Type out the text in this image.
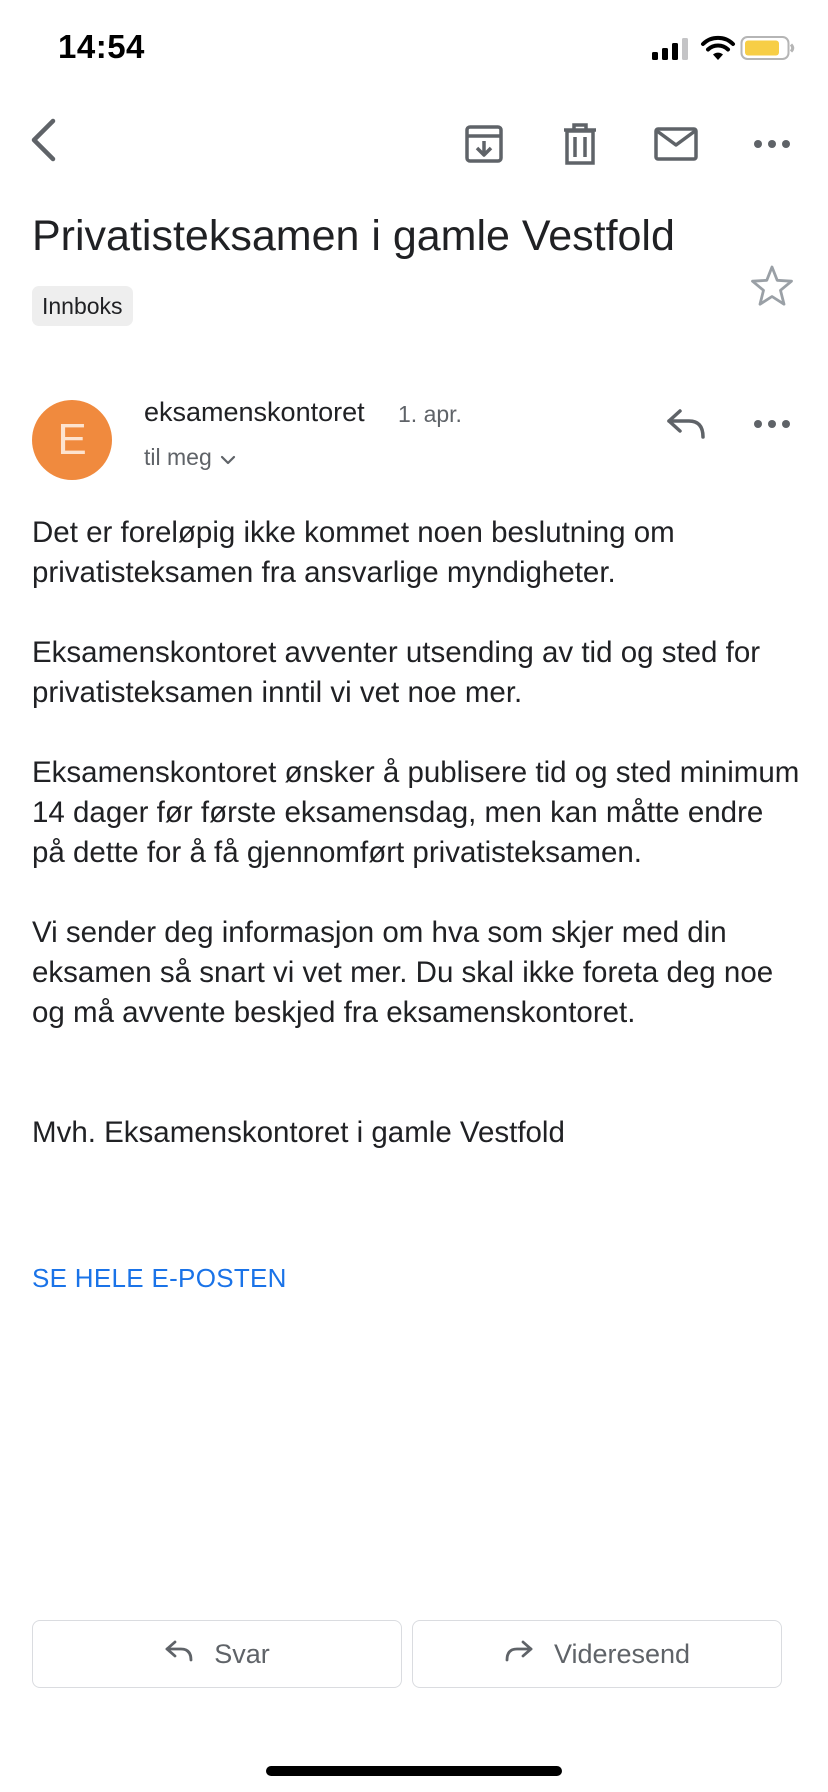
14:54
Privatisteksamen i gamle Vestfold
Innboks
E
eksamenskontoret 1. apr.
til meg

Det er foreløpig ikke kommet noen beslutning om privatisteksamen fra ansvarlige myndigheter.

Eksamenskontoret avventer utsending av tid og sted for privatisteksamen inntil vi vet noe mer.

Eksamenskontoret ønsker å publisere tid og sted minimum 14 dager før første eksamensdag, men kan måtte endre på dette for å få gjennomført privatisteksamen.

Vi sender deg informasjon om hva som skjer med din eksamen så snart vi vet mer. Du skal ikke foreta deg noe og må avvente beskjed fra eksamenskontoret.

Mvh. Eksamenskontoret i gamle Vestfold

SE HELE E-POSTEN
Svar	Videresend
